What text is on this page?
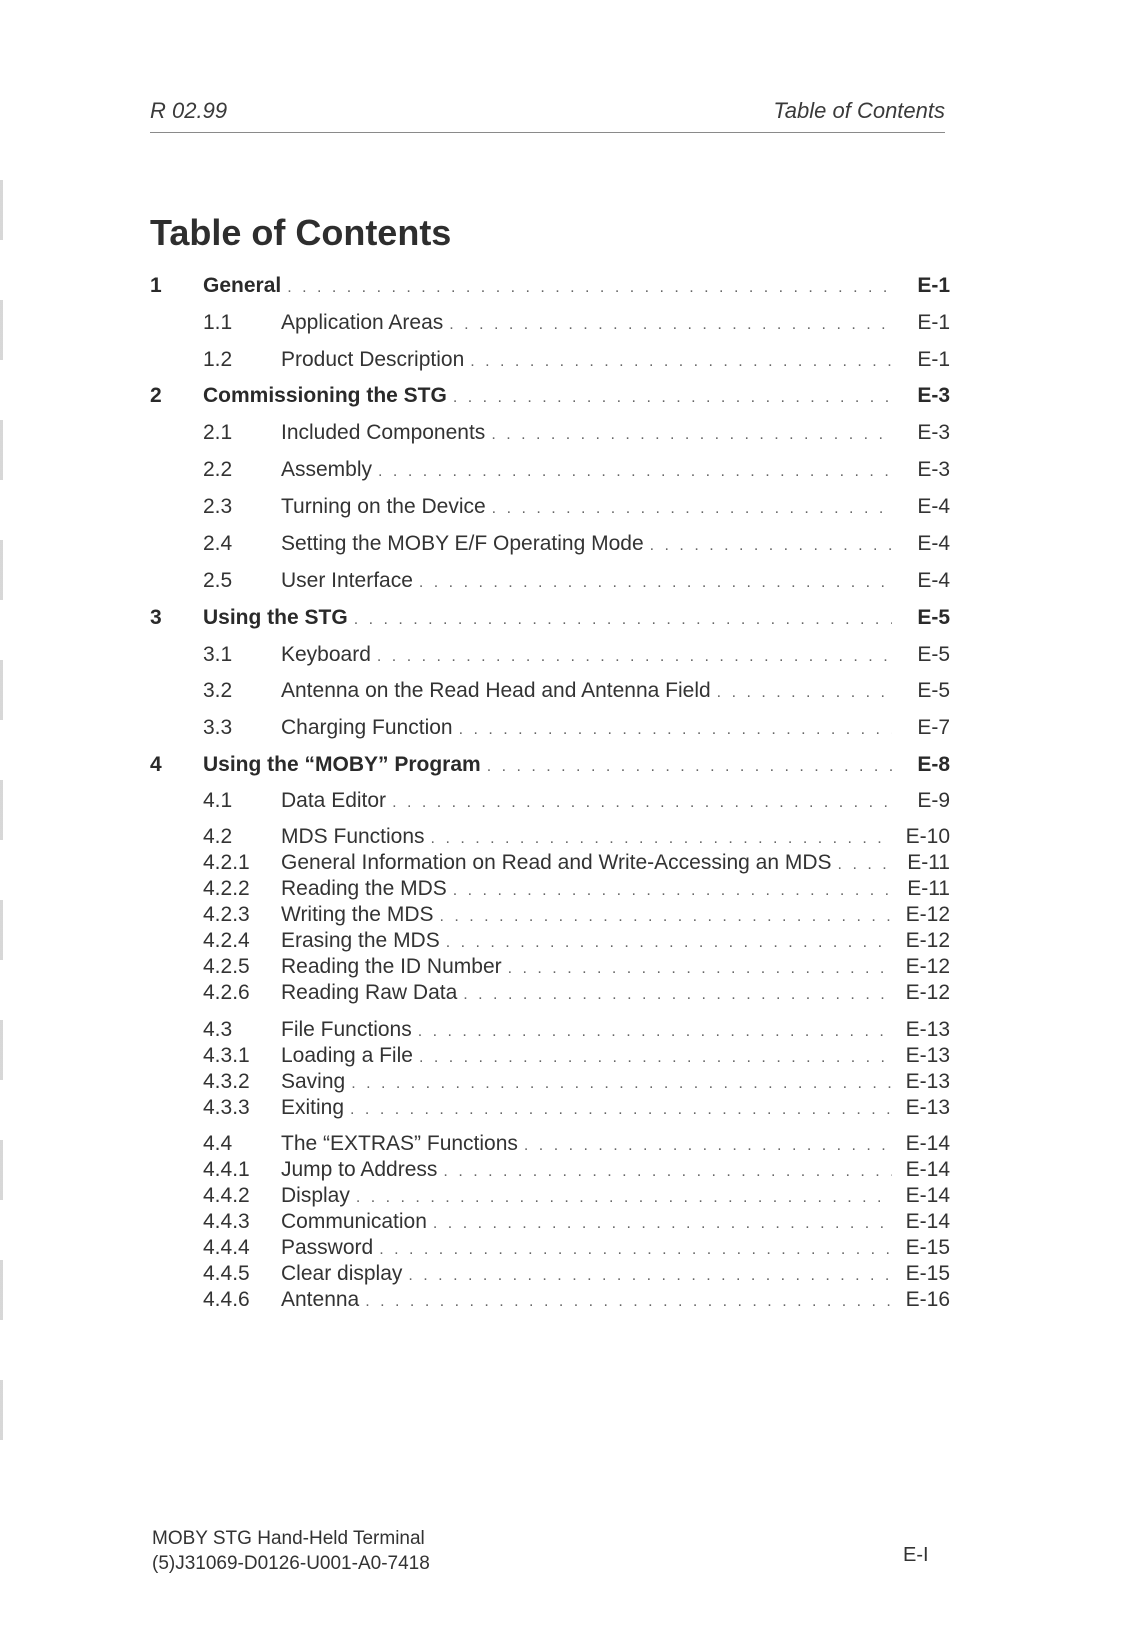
R 02.99	Table of Contents
Table of Contents
1	General . . .	E-1
1.1	Application Areas . . .	E-1
1.2	Product Description . . .	E-1
2	Commissioning the STG . . .	E-3
2.1	Included Components . . .	E-3
2.2	Assembly . . .	E-3
2.3	Turning on the Device . . .	E-4
2.4	Setting the MOBY E/F Operating Mode . . .	E-4
2.5	User Interface . . .	E-4
3	Using the STG . . .	E-5
3.1	Keyboard . . .	E-5
3.2	Antenna on the Read Head and Antenna Field . . .	E-5
3.3	Charging Function . . .	E-7
4	Using the “MOBY” Program . . .	E-8
4.1	Data Editor . . .	E-9
4.2	MDS Functions . . .	E-10
4.2.1	General Information on Read and Write-Accessing an MDS . . .	E-11
4.2.2	Reading the MDS . . .	E-11
4.2.3	Writing the MDS . . .	E-12
4.2.4	Erasing the MDS . . .	E-12
4.2.5	Reading the ID Number . . .	E-12
4.2.6	Reading Raw Data . . .	E-12
4.3	File Functions . . .	E-13
4.3.1	Loading a File . . .	E-13
4.3.2	Saving . . .	E-13
4.3.3	Exiting . . .	E-13
4.4	The “EXTRAS” Functions . . .	E-14
4.4.1	Jump to Address . . .	E-14
4.4.2	Display . . .	E-14
4.4.3	Communication . . .	E-14
4.4.4	Password . . .	E-15
4.4.5	Clear display . . .	E-15
4.4.6	Antenna . . .	E-16
MOBY STG Hand-Held Terminal
(5)J31069-D0126-U001-A0-7418	E-I
